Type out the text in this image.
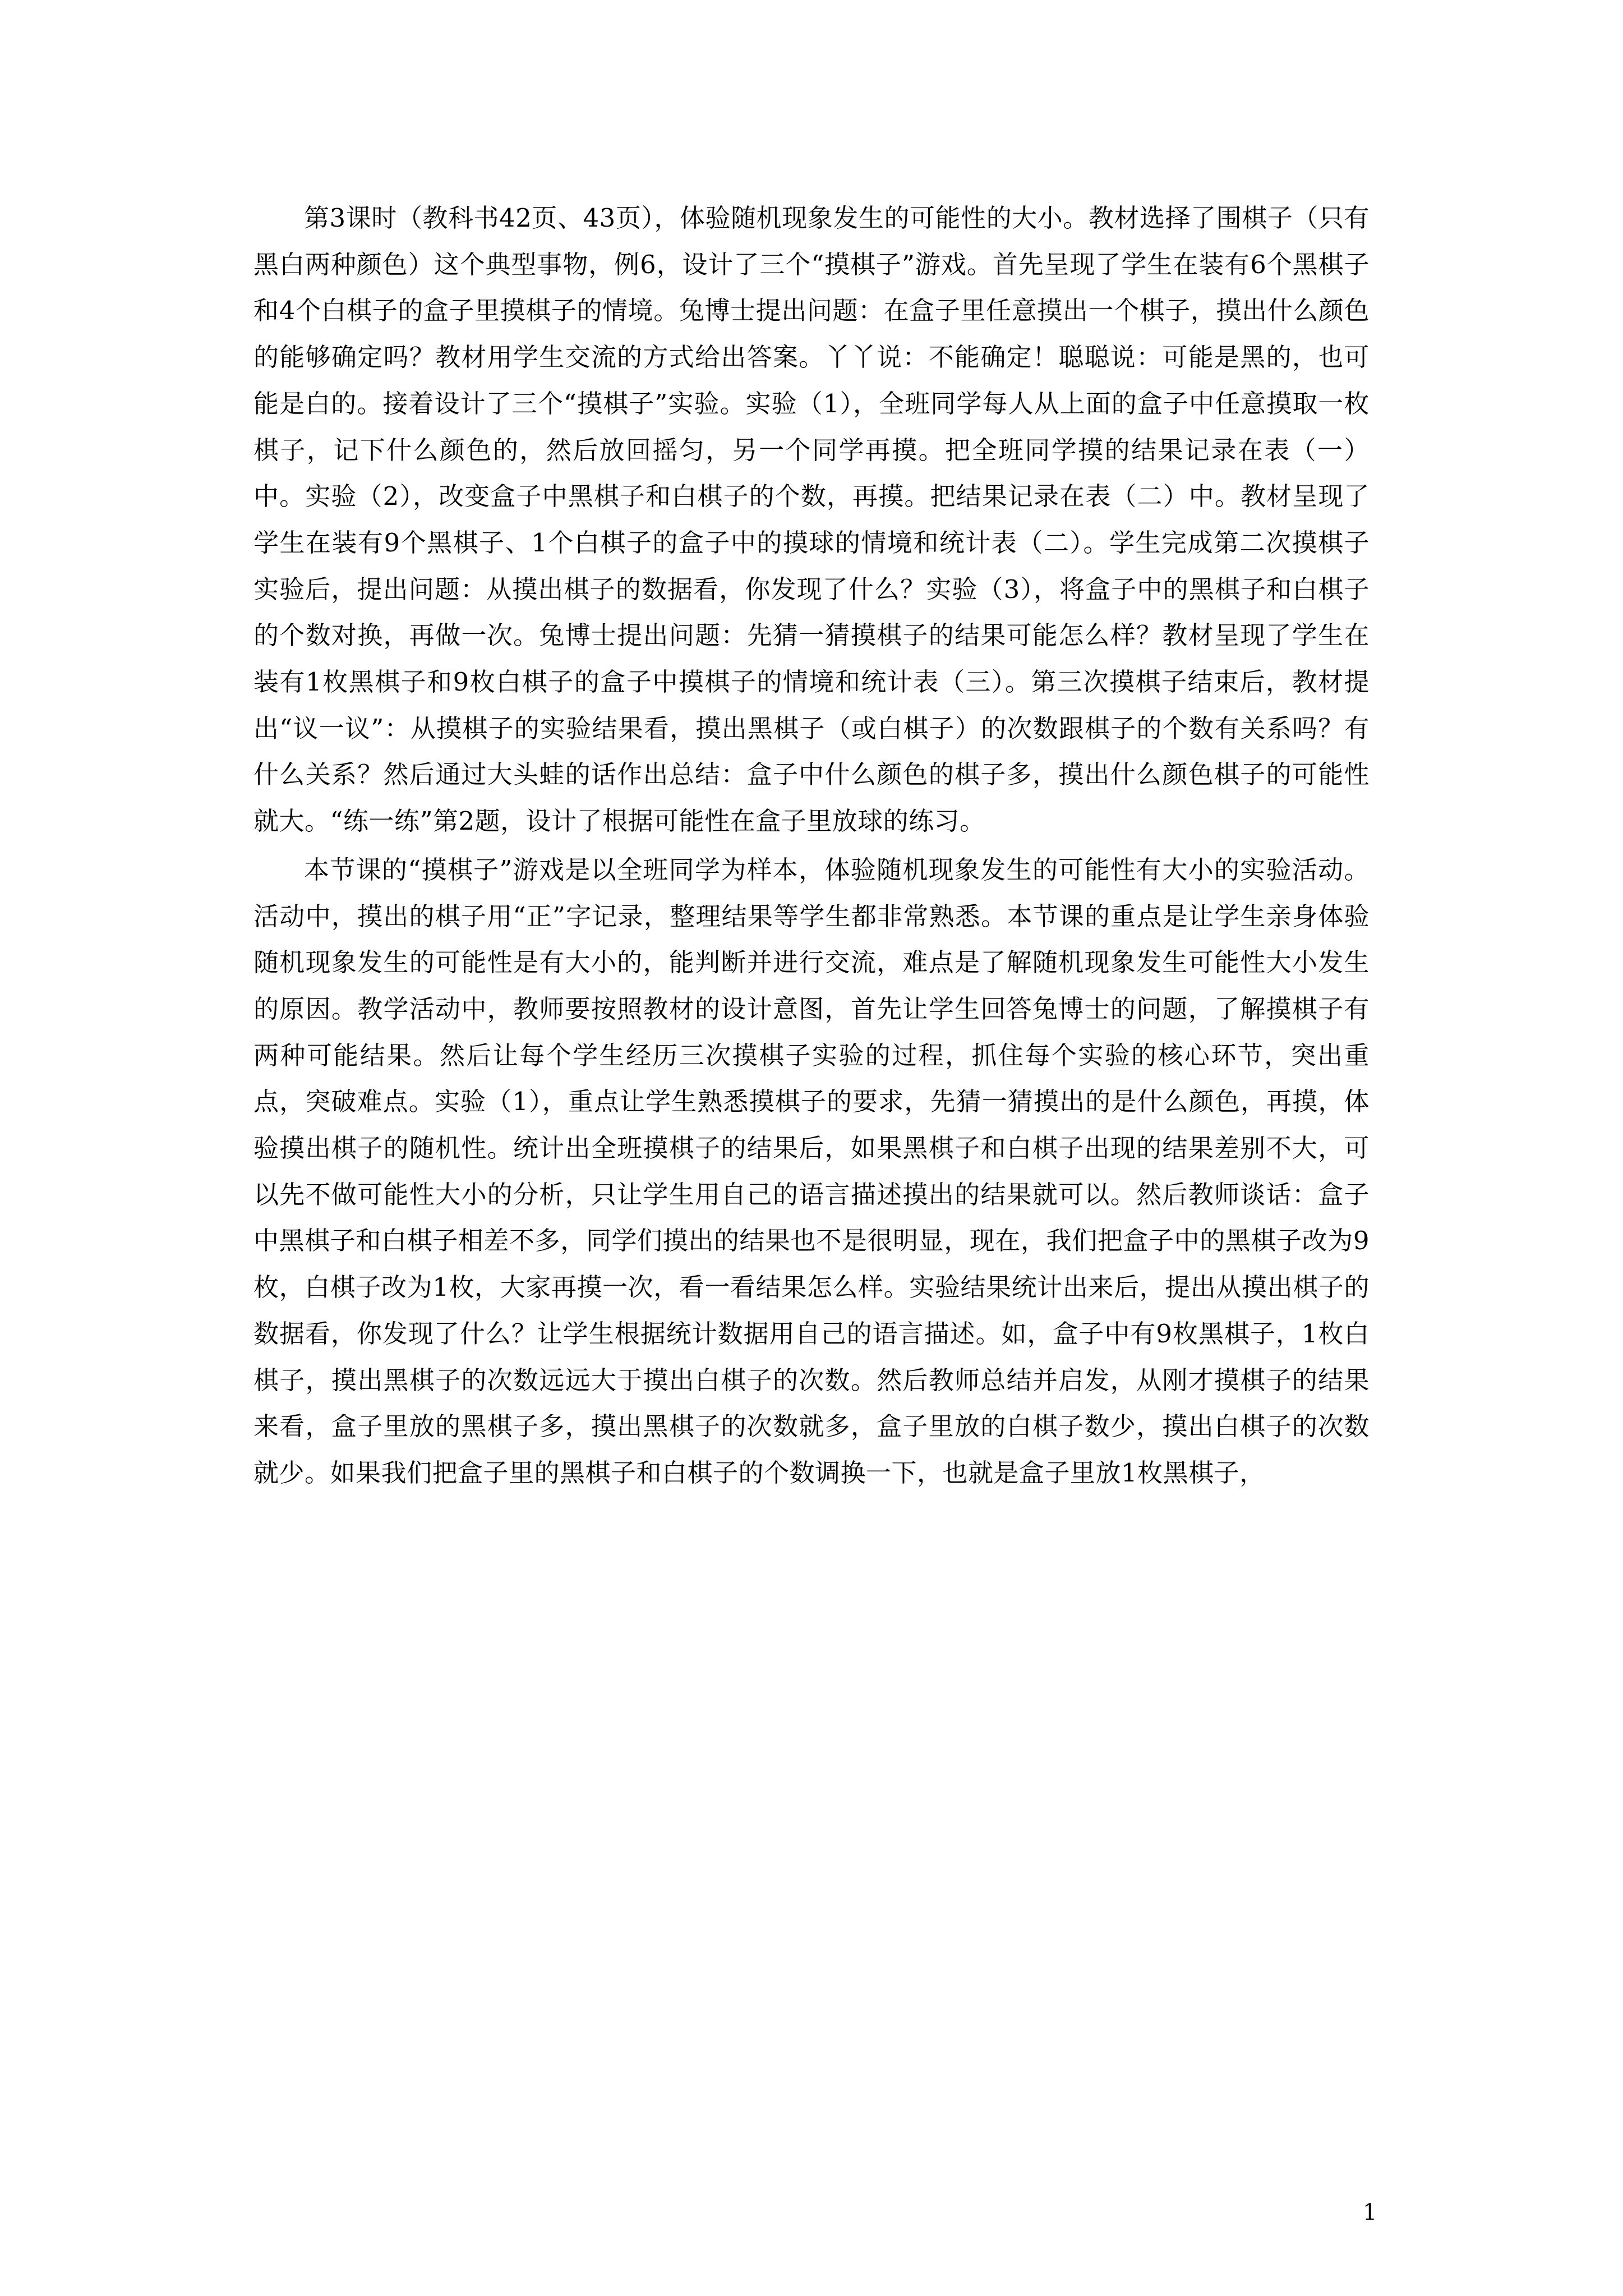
第3课时（教科书42页、43页），体验随机现象发生的可能性的大小。教材选择了围棋子（只有黑白两种颜色）这个典型事物，例6，设计了三个“摸棋子”游戏。首先呈现了学生在装有6个黑棋子和4个白棋子的盒子里摸棋子的情境。兔博士提出问题：在盒子里任意摸出一个棋子，摸出什么颜色的能够确定吗？教材用学生交流的方式给出答案。丫丫说：不能确定！聪聪说：可能是黑的，也可能是白的。接着设计了三个“摸棋子”实验。实验（1），全班同学每人从上面的盒子中任意摸取一枚棋子，记下什么颜色的，然后放回摇匀，另一个同学再摸。把全班同学摸的结果记录在表（一）中。实验（2），改变盒子中黑棋子和白棋子的个数，再摸。把结果记录在表（二）中。教材呈现了学生在装有9个黑棋子、1个白棋子的盒子中的摸球的情境和统计表（二）。学生完成第二次摸棋子实验后，提出问题：从摸出棋子的数据看，你发现了什么？实验（3），将盒子中的黑棋子和白棋子的个数对换，再做一次。兔博士提出问题：先猜一猜摸棋子的结果可能怎么样？教材呈现了学生在装有1枚黑棋子和9枚白棋子的盒子中摸棋子的情境和统计表（三）。第三次摸棋子结束后，教材提出“议一议”：从摸棋子的实验结果看，摸出黑棋子（或白棋子）的次数跟棋子的个数有关系吗？有什么关系？然后通过大头蛙的话作出总结：盒子中什么颜色的棋子多，摸出什么颜色棋子的可能性就大。“练一练”第2题，设计了根据可能性在盒子里放球的练习。

本节课的“摸棋子”游戏是以全班同学为样本，体验随机现象发生的可能性有大小的实验活动。活动中，摸出的棋子用“正”字记录，整理结果等学生都非常熟悉。本节课的重点是让学生亲身体验随机现象发生的可能性是有大小的，能判断并进行交流，难点是了解随机现象发生可能性大小发生的原因。教学活动中，教师要按照教材的设计意图，首先让学生回答兔博士的问题，了解摸棋子有两种可能结果。然后让每个学生经历三次摸棋子实验的过程，抓住每个实验的核心环节，突出重点，突破难点。实验（1），重点让学生熟悉摸棋子的要求，先猜一猜摸出的是什么颜色，再摸，体验摸出棋子的随机性。统计出全班摸棋子的结果后，如果黑棋子和白棋子出现的结果差别不大，可以先不做可能性大小的分析，只让学生用自己的语言描述摸出的结果就可以。然后教师谈话：盒子中黑棋子和白棋子相差不多，同学们摸出的结果也不是很明显，现在，我们把盒子中的黑棋子改为9枚，白棋子改为1枚，大家再摸一次，看一看结果怎么样。实验结果统计出来后，提出从摸出棋子的数据看，你发现了什么？让学生根据统计数据用自己的语言描述。如，盒子中有9枚黑棋子，1枚白棋子，摸出黑棋子的次数远远大于摸出白棋子的次数。然后教师总结并启发，从刚才摸棋子的结果来看，盒子里放的黑棋子多，摸出黑棋子的次数就多，盒子里放的白棋子数少，摸出白棋子的次数就少。如果我们把盒子里的黑棋子和白棋子的个数调换一下，也就是盒子里放1枚黑棋子，

1
